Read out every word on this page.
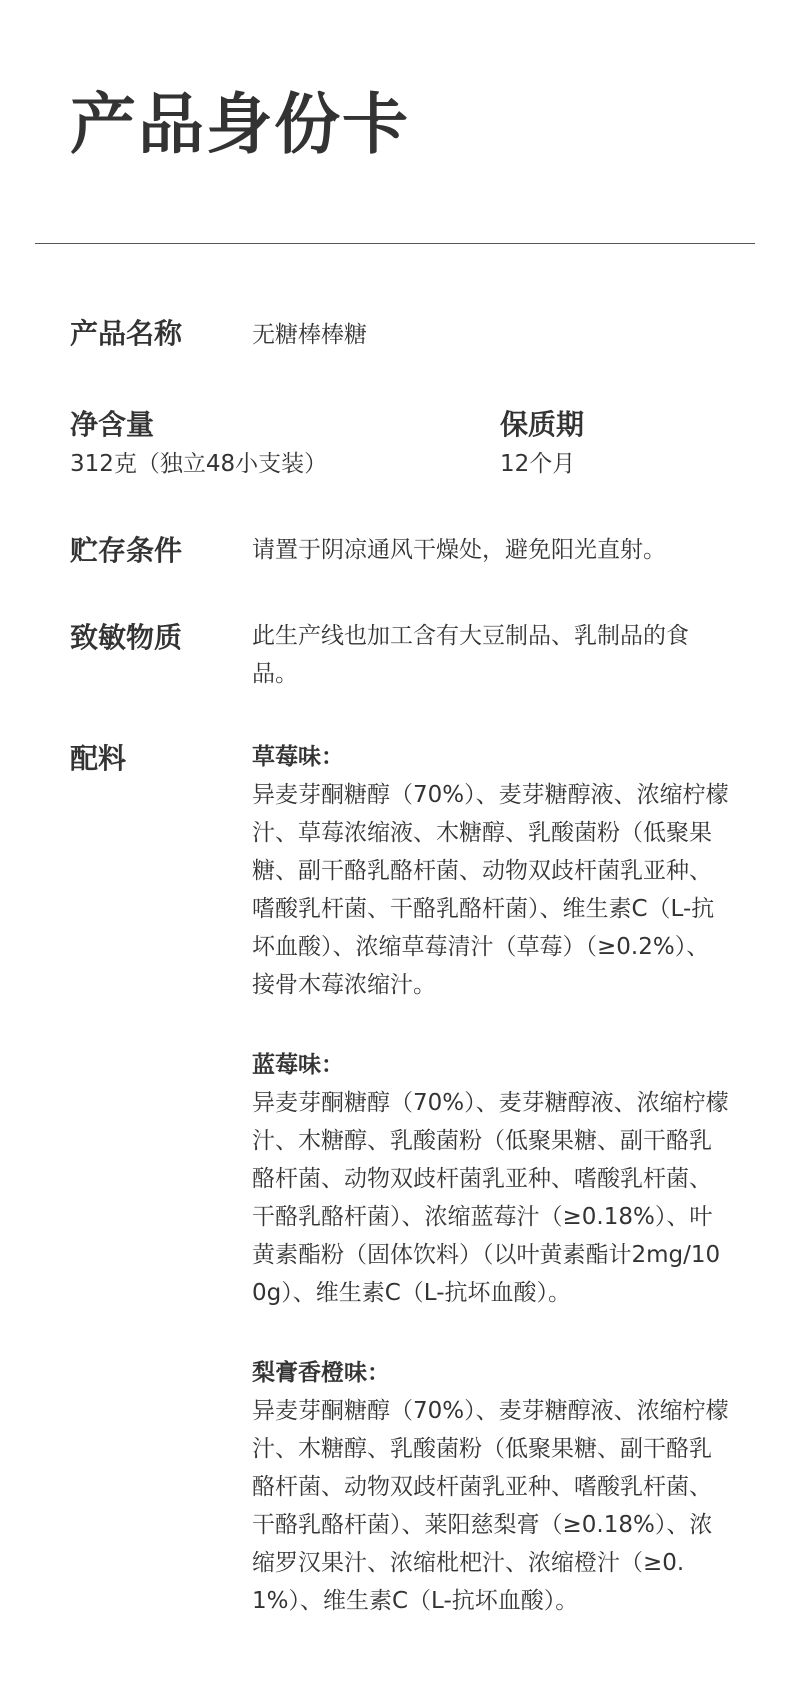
产品身份卡
产品名称	无糖棒棒糖
净含量
312克（独立48小支装）
保质期
12个月
贮存条件	请置于阴凉通风干燥处，避免阳光直射。
致敏物质	此生产线也加工含有大豆制品、乳制品的食品。
配料	草莓味：
异麦芽酮糖醇（70%）、麦芽糖醇液、浓缩柠檬汁、草莓浓缩液、木糖醇、乳酸菌粉（低聚果糖、副干酪乳酪杆菌、动物双歧杆菌乳亚种、嗜酸乳杆菌、干酪乳酪杆菌）、维生素C（L-抗坏血酸）、浓缩草莓清汁（草莓）（≥0.2%）、接骨木莓浓缩汁。
蓝莓味：
异麦芽酮糖醇（70%）、麦芽糖醇液、浓缩柠檬汁、木糖醇、乳酸菌粉（低聚果糖、副干酪乳酪杆菌、动物双歧杆菌乳亚种、嗜酸乳杆菌、干酪乳酪杆菌）、浓缩蓝莓汁（≥0.18%）、叶黄素酯粉（固体饮料）（以叶黄素酯计2mg/100g）、维生素C（L-抗坏血酸）。
梨膏香橙味：
异麦芽酮糖醇（70%）、麦芽糖醇液、浓缩柠檬汁、木糖醇、乳酸菌粉（低聚果糖、副干酪乳酪杆菌、动物双歧杆菌乳亚种、嗜酸乳杆菌、干酪乳酪杆菌）、莱阳慈梨膏（≥0.18%）、浓缩罗汉果汁、浓缩枇杷汁、浓缩橙汁（≥0.1%）、维生素C（L-抗坏血酸）。
